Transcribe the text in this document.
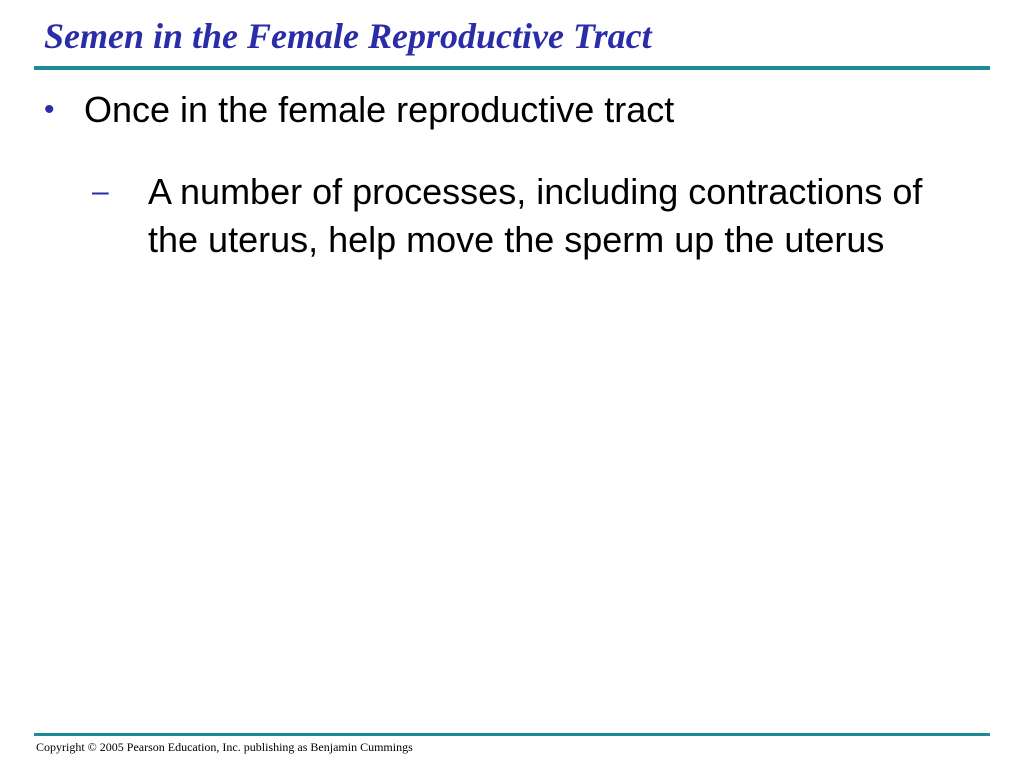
Semen in the Female Reproductive Tract
• Once in the female reproductive tract
–	A number of processes, including contractions of the uterus, help move the sperm up the uterus
Copyright © 2005 Pearson Education, Inc. publishing as Benjamin Cummings
